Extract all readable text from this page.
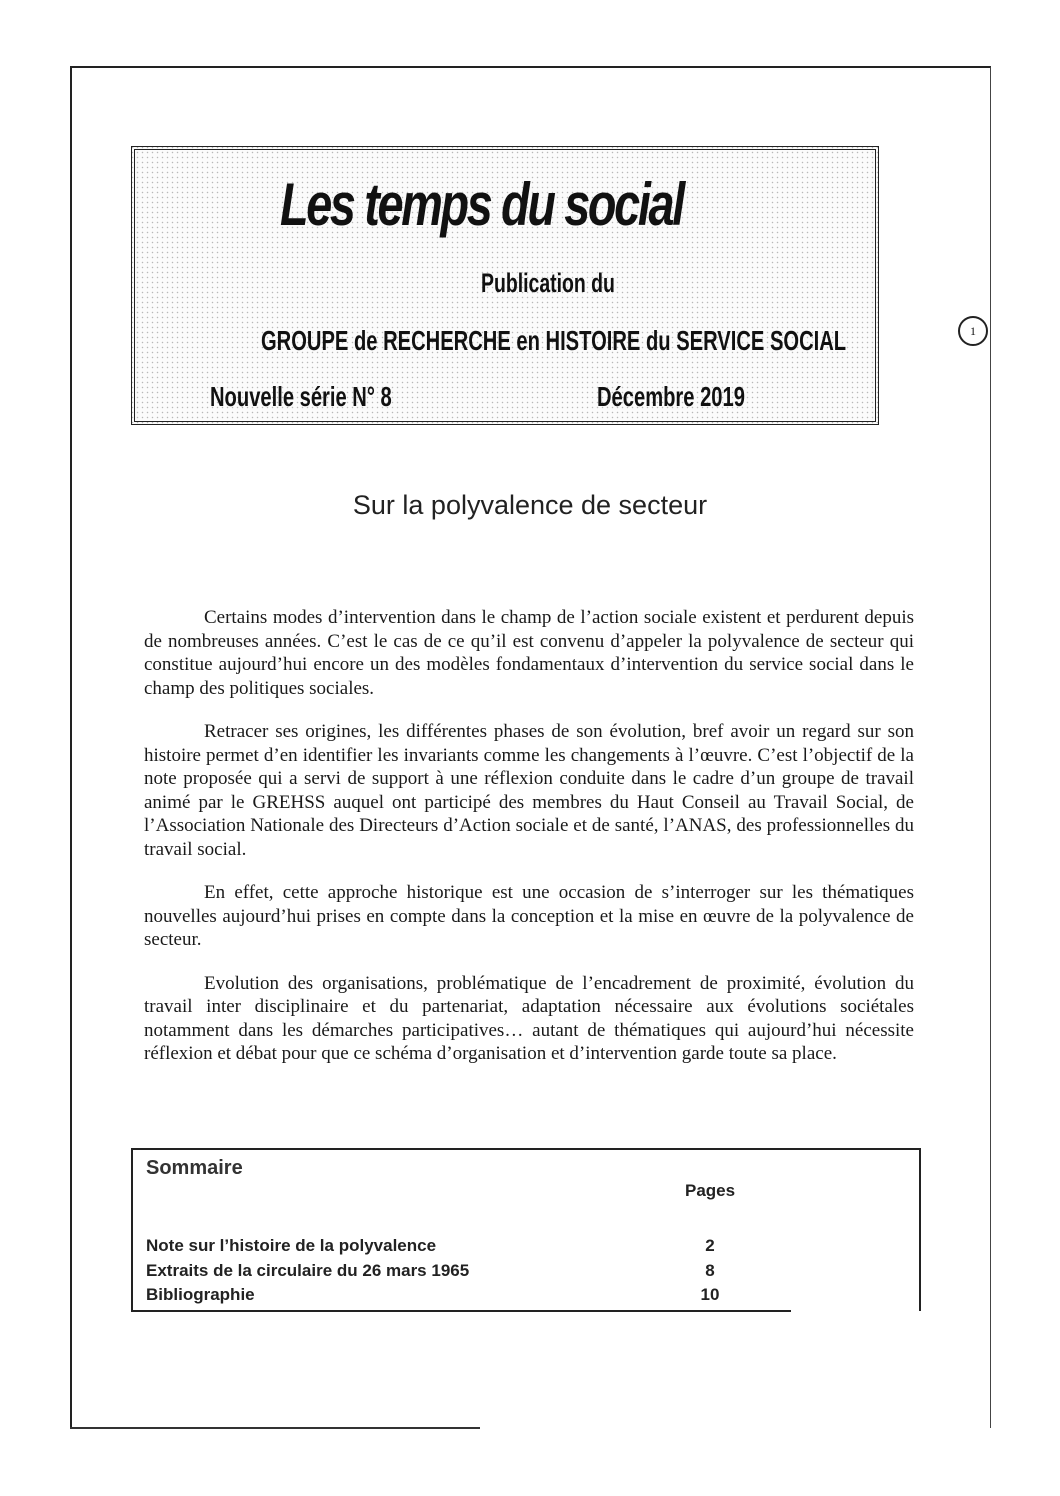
Les temps du social
Publication du
GROUPE de RECHERCHE en HISTOIRE du SERVICE SOCIAL
Nouvelle série N° 8	Décembre 2019
1
Sur la polyvalence de secteur

Certains modes d’intervention dans le champ de l’action sociale existent et perdurent depuis de nombreuses années. C’est le cas de ce qu’il est convenu d’appeler la polyvalence de secteur qui constitue aujourd’hui encore un des modèles fondamentaux d’intervention du service social dans le champ des politiques sociales.

Retracer ses origines, les différentes phases de son évolution, bref avoir un regard sur son histoire permet d’en identifier les invariants comme les changements à l’œuvre. C’est l’objectif de la note proposée qui a servi de support à une réflexion conduite dans le cadre d’un groupe de travail animé par le GREHSS auquel ont participé des membres du Haut Conseil au Travail Social, de l’Association Nationale des Directeurs d’Action sociale et de santé, l’ANAS, des professionnelles du travail social.

En effet, cette approche historique est une occasion de s’interroger sur les thématiques nouvelles aujourd’hui prises en compte dans la conception et la mise en œuvre de la polyvalence de secteur.

Evolution des organisations, problématique de l’encadrement de proximité, évolution du travail inter disciplinaire et du partenariat, adaptation nécessaire aux évolutions sociétales notamment dans les démarches participatives… autant de thématiques qui aujourd’hui nécessite réflexion et débat pour que ce schéma d’organisation et d’intervention garde toute sa place.

Sommaire
Pages
Note sur l’histoire de la polyvalence	2
Extraits de la circulaire du 26 mars 1965	8
Bibliographie	10
